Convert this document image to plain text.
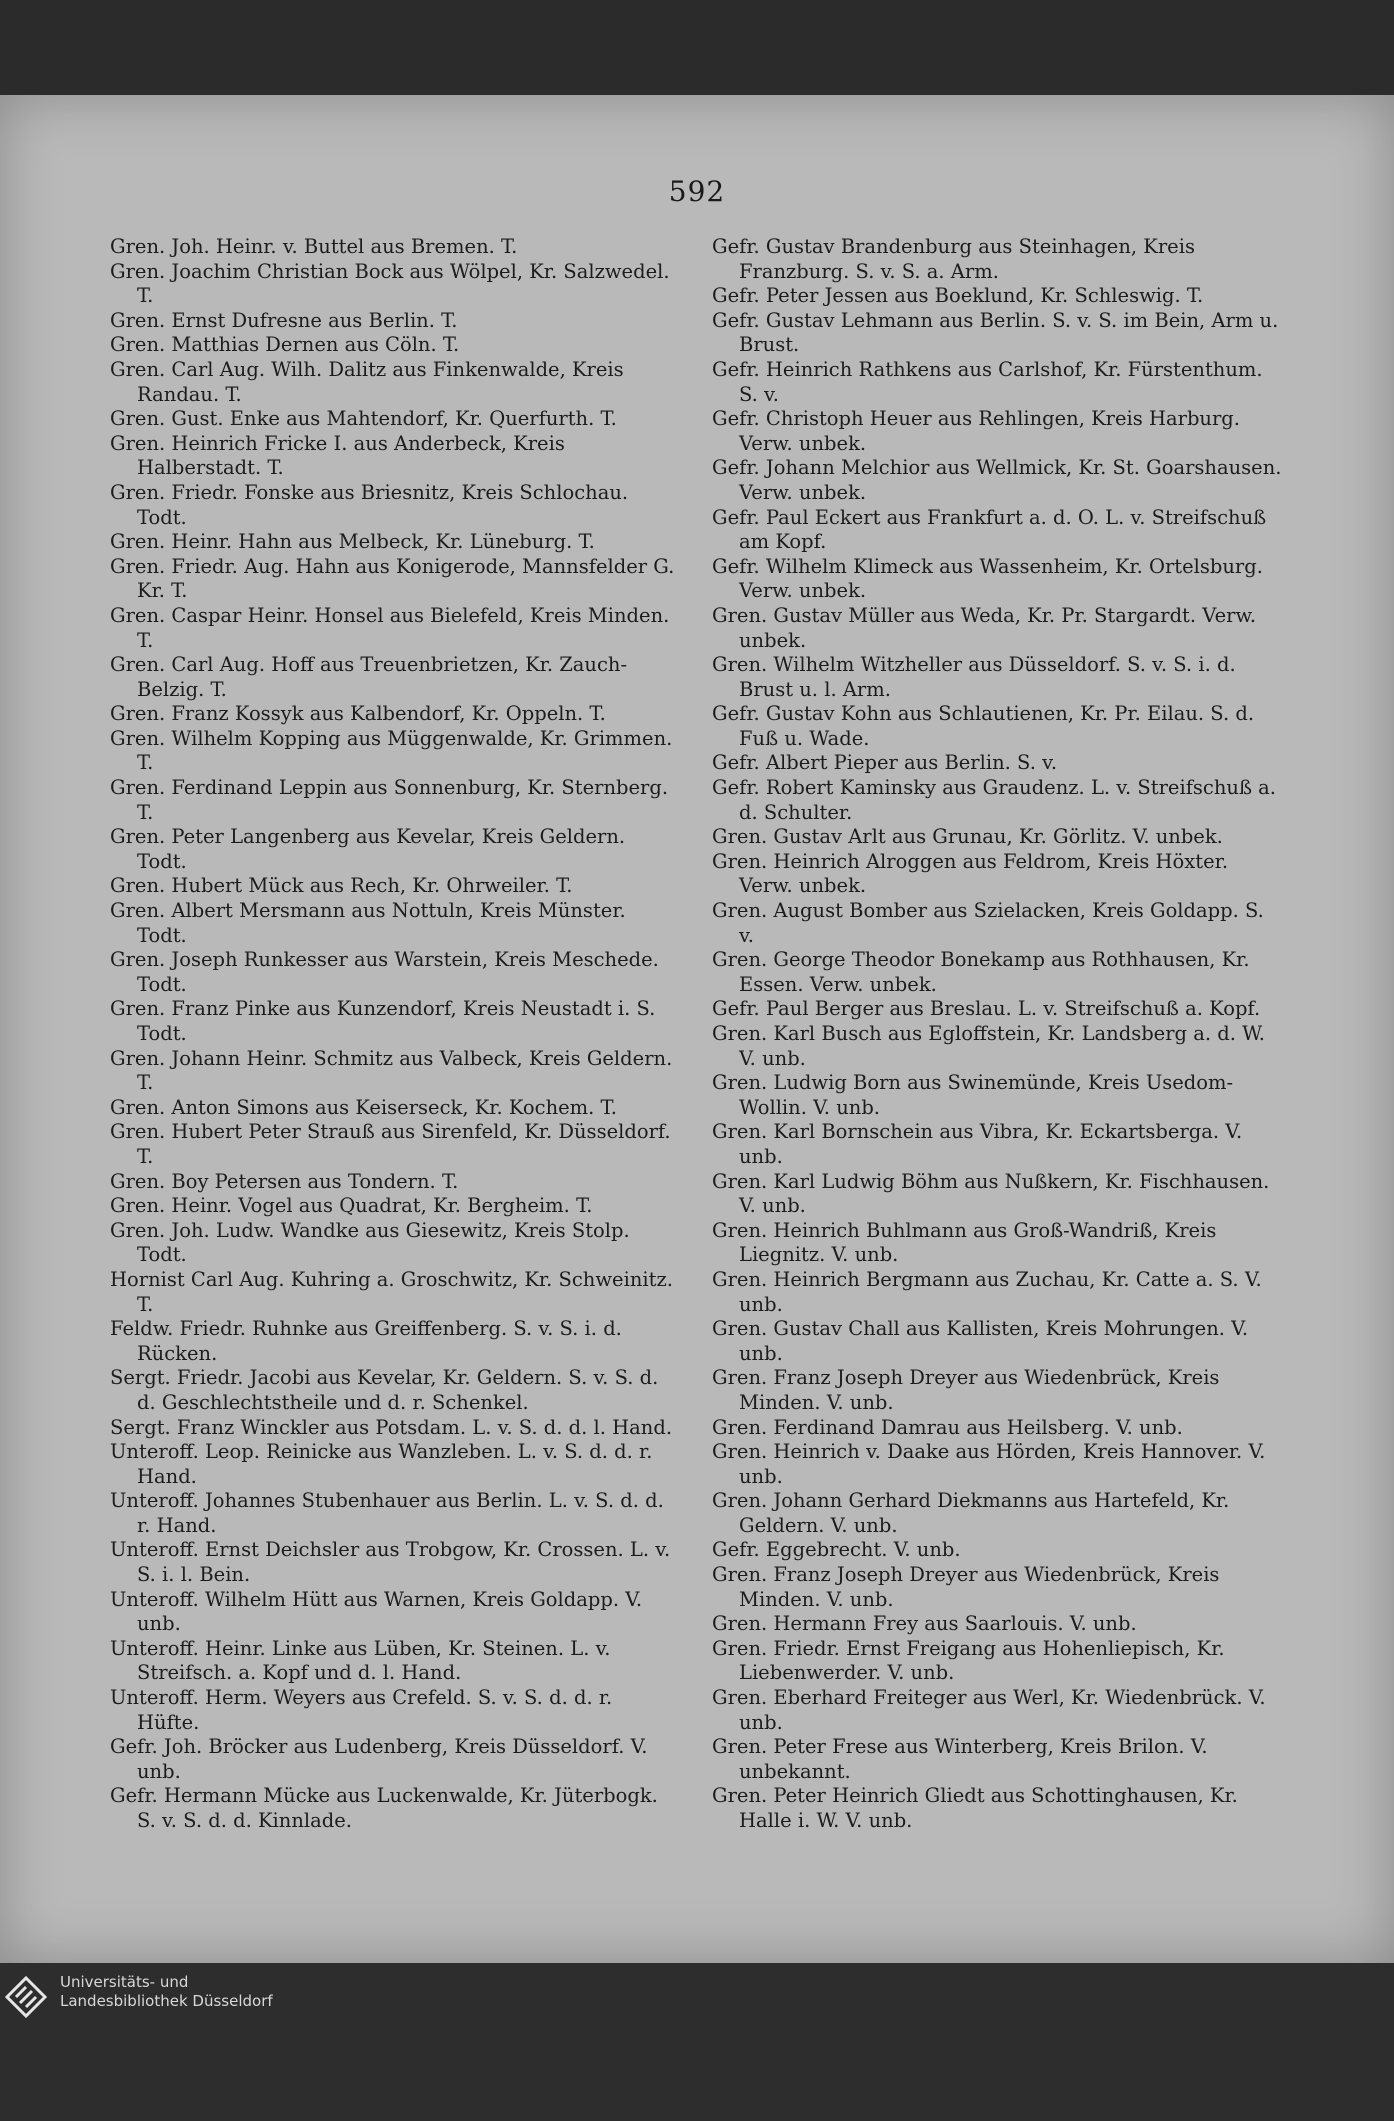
592

Gren. Joh. Heinr. v. Buttel aus Bremen. T.

Gren. Joachim Christian Bock aus Wölpel, Kr. Salzwedel. T.

Gren. Ernst Dufresne aus Berlin. T.

Gren. Matthias Dernen aus Cöln. T.

Gren. Carl Aug. Wilh. Dalitz aus Finkenwalde, Kreis Randau. T.

Gren. Gust. Enke aus Mahtendorf, Kr. Querfurth. T.

Gren. Heinrich Fricke I. aus Anderbeck, Kreis Halberstadt. T.

Gren. Friedr. Fonske aus Briesnitz, Kreis Schlochau. Todt.

Gren. Heinr. Hahn aus Melbeck, Kr. Lüneburg. T.

Gren. Friedr. Aug. Hahn aus Konigerode, Mannsfelder G. Kr. T.

Gren. Caspar Heinr. Honsel aus Bielefeld, Kreis Minden. T.

Gren. Carl Aug. Hoff aus Treuenbrietzen, Kr. Zauch-Belzig. T.

Gren. Franz Kossyk aus Kalbendorf, Kr. Oppeln. T.

Gren. Wilhelm Kopping aus Müggenwalde, Kr. Grimmen. T.

Gren. Ferdinand Leppin aus Sonnenburg, Kr. Sternberg. T.

Gren. Peter Langenberg aus Kevelar, Kreis Geldern. Todt.

Gren. Hubert Mück aus Rech, Kr. Ohrweiler. T.

Gren. Albert Mersmann aus Nottuln, Kreis Münster. Todt.

Gren. Joseph Runkesser aus Warstein, Kreis Meschede. Todt.

Gren. Franz Pinke aus Kunzendorf, Kreis Neustadt i. S. Todt.

Gren. Johann Heinr. Schmitz aus Valbeck, Kreis Geldern. T.

Gren. Anton Simons aus Keiserseck, Kr. Kochem. T.

Gren. Hubert Peter Strauß aus Sirenfeld, Kr. Düsseldorf. T.

Gren. Boy Petersen aus Tondern. T.

Gren. Heinr. Vogel aus Quadrat, Kr. Bergheim. T.

Gren. Joh. Ludw. Wandke aus Giesewitz, Kreis Stolp. Todt.

Hornist Carl Aug. Kuhring a. Groschwitz, Kr. Schweinitz. T.

Feldw. Friedr. Ruhnke aus Greiffenberg. S. v. S. i. d. Rücken.

Sergt. Friedr. Jacobi aus Kevelar, Kr. Geldern. S. v. S. d. d. Geschlechtstheile und d. r. Schenkel.

Sergt. Franz Winckler aus Potsdam. L. v. S. d. d. l. Hand.

Unteroff. Leop. Reinicke aus Wanzleben. L. v. S. d. d. r. Hand.

Unteroff. Johannes Stubenhauer aus Berlin. L. v. S. d. d. r. Hand.

Unteroff. Ernst Deichsler aus Trobgow, Kr. Crossen. L. v. S. i. l. Bein.

Unteroff. Wilhelm Hütt aus Warnen, Kreis Goldapp. V. unb.

Unteroff. Heinr. Linke aus Lüben, Kr. Steinen. L. v. Streifsch. a. Kopf und d. l. Hand.

Unteroff. Herm. Weyers aus Crefeld. S. v. S. d. d. r. Hüfte.

Gefr. Joh. Bröcker aus Ludenberg, Kreis Düsseldorf. V. unb.

Gefr. Hermann Mücke aus Luckenwalde, Kr. Jüterbogk. S. v. S. d. d. Kinnlade.

Gefr. Gustav Brandenburg aus Steinhagen, Kreis Franzburg. S. v. S. a. Arm.

Gefr. Peter Jessen aus Boeklund, Kr. Schleswig. T.

Gefr. Gustav Lehmann aus Berlin. S. v. S. im Bein, Arm u. Brust.

Gefr. Heinrich Rathkens aus Carlshof, Kr. Fürstenthum. S. v.

Gefr. Christoph Heuer aus Rehlingen, Kreis Harburg. Verw. unbek.

Gefr. Johann Melchior aus Wellmick, Kr. St. Goarshausen. Verw. unbek.

Gefr. Paul Eckert aus Frankfurt a. d. O. L. v. Streifschuß am Kopf.

Gefr. Wilhelm Klimeck aus Wassenheim, Kr. Ortelsburg. Verw. unbek.

Gren. Gustav Müller aus Weda, Kr. Pr. Stargardt. Verw. unbek.

Gren. Wilhelm Witzheller aus Düsseldorf. S. v. S. i. d. Brust u. l. Arm.

Gefr. Gustav Kohn aus Schlautienen, Kr. Pr. Eilau. S. d. Fuß u. Wade.

Gefr. Albert Pieper aus Berlin. S. v.

Gefr. Robert Kaminsky aus Graudenz. L. v. Streifschuß a. d. Schulter.

Gren. Gustav Arlt aus Grunau, Kr. Görlitz. V. unbek.

Gren. Heinrich Alroggen aus Feldrom, Kreis Höxter. Verw. unbek.

Gren. August Bomber aus Szielacken, Kreis Goldapp. S. v.

Gren. George Theodor Bonekamp aus Rothhausen, Kr. Essen. Verw. unbek.

Gefr. Paul Berger aus Breslau. L. v. Streifschuß a. Kopf.

Gren. Karl Busch aus Egloffstein, Kr. Landsberg a. d. W. V. unb.

Gren. Ludwig Born aus Swinemünde, Kreis Usedom-Wollin. V. unb.

Gren. Karl Bornschein aus Vibra, Kr. Eckartsberga. V. unb.

Gren. Karl Ludwig Böhm aus Nußkern, Kr. Fischhausen. V. unb.

Gren. Heinrich Buhlmann aus Groß-Wandriß, Kreis Liegnitz. V. unb.

Gren. Heinrich Bergmann aus Zuchau, Kr. Catte a. S. V. unb.

Gren. Gustav Chall aus Kallisten, Kreis Mohrungen. V. unb.

Gren. Franz Joseph Dreyer aus Wiedenbrück, Kreis Minden. V. unb.

Gren. Ferdinand Damrau aus Heilsberg. V. unb.

Gren. Heinrich v. Daake aus Hörden, Kreis Hannover. V. unb.

Gren. Johann Gerhard Diekmanns aus Hartefeld, Kr. Geldern. V. unb.

Gefr. Eggebrecht. V. unb.

Gren. Franz Joseph Dreyer aus Wiedenbrück, Kreis Minden. V. unb.

Gren. Hermann Frey aus Saarlouis. V. unb.

Gren. Friedr. Ernst Freigang aus Hohenliepisch, Kr. Liebenwerder. V. unb.

Gren. Eberhard Freiteger aus Werl, Kr. Wiedenbrück. V. unb.

Gren. Peter Frese aus Winterberg, Kreis Brilon. V. unbekannt.

Gren. Peter Heinrich Gliedt aus Schottinghausen, Kr. Halle i. W. V. unb.

Universitäts- und
Landesbibliothek Düsseldorf
